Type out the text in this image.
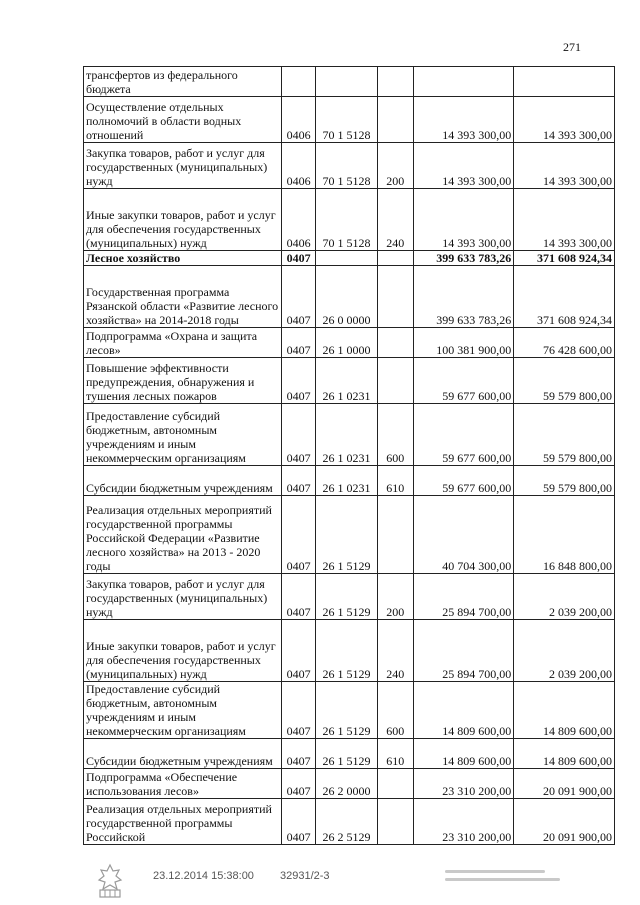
271
трансфертов из федерального бюджета					
Осуществление отдельных полномочий в области водных отношений	0406	70 1 5128		14 393 300,00	14 393 300,00
Закупка товаров, работ и услуг для государственных (муниципальных) нужд	0406	70 1 5128	200	14 393 300,00	14 393 300,00
Иные закупки товаров, работ и услуг для обеспечения государственных (муниципальных) нужд	0406	70 1 5128	240	14 393 300,00	14 393 300,00
Лесное хозяйство	0407			399 633 783,26	371 608 924,34
Государственная программа Рязанской области «Развитие лесного хозяйства» на 2014-2018 годы	0407	26 0 0000		399 633 783,26	371 608 924,34
Подпрограмма «Охрана и защита лесов»	0407	26 1 0000		100 381 900,00	76 428 600,00
Повышение эффективности предупреждения, обнаружения и тушения лесных пожаров	0407	26 1 0231		59 677 600,00	59 579 800,00
Предоставление субсидий бюджетным, автономным учреждениям и иным некоммерческим организациям	0407	26 1 0231	600	59 677 600,00	59 579 800,00
Субсидии бюджетным учреждениям	0407	26 1 0231	610	59 677 600,00	59 579 800,00
Реализация отдельных мероприятий государственной программы Российской Федерации «Развитие лесного хозяйства» на 2013 - 2020 годы	0407	26 1 5129		40 704 300,00	16 848 800,00
Закупка товаров, работ и услуг для государственных (муниципальных) нужд	0407	26 1 5129	200	25 894 700,00	2 039 200,00
Иные закупки товаров, работ и услуг для обеспечения государственных (муниципальных) нужд	0407	26 1 5129	240	25 894 700,00	2 039 200,00
Предоставление субсидий бюджетным, автономным учреждениям и иным некоммерческим организациям	0407	26 1 5129	600	14 809 600,00	14 809 600,00
Субсидии бюджетным учреждениям	0407	26 1 5129	610	14 809 600,00	14 809 600,00
Подпрограмма «Обеспечение использования лесов»	0407	26 2 0000		23 310 200,00	20 091 900,00
Реализация отдельных мероприятий государственной программы Российской	0407	26 2 5129		23 310 200,00	20 091 900,00
23.12.2014 15:38:00 32931/2-3
